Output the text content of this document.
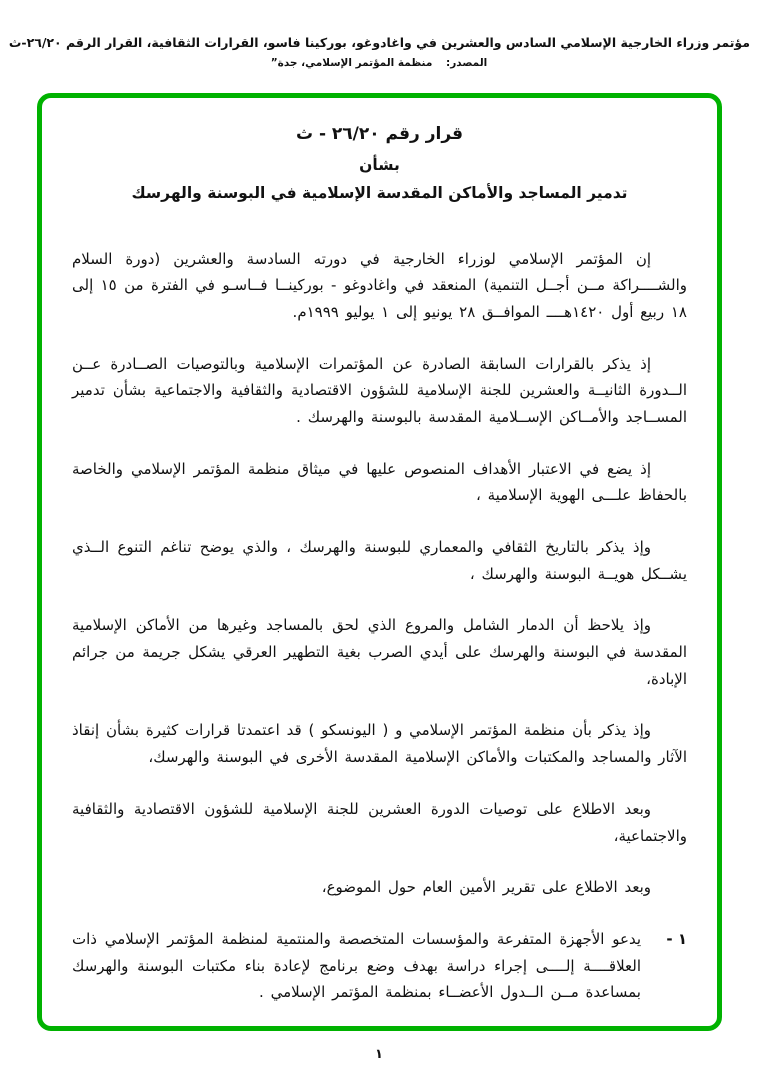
مؤتمر وزراء الخارجية الإسلامي السادس والعشرين في واغادوغو، بوركينا فاسو، القرارات الثقافية، القرار الرقم ٢٦/٢٠-ث
المصدر: منظمة المؤتمر الإسلامي، جدة”
قرار رقم ٢٦/٢٠ - ث
بشأن
تدمير المساجد والأماكن المقدسة الإسلامية في البوسنة والهرسك

إن المؤتمر الإسلامي لوزراء الخارجية في دورته السادسة والعشرين (دورة السلام والشــــراكة مــن أجــل التنمية) المنعقد في واغادوغو - بوركينــا فــاسـو في الفترة من ١٥ إلى ١٨ ربيع أول ١٤٢٠هــــ الموافــق ٢٨ يونيو إلى ١ يوليو ١٩٩٩م.

إذ يذكر بالقرارات السابقة الصادرة عن المؤتمرات الإسلامية وبالتوصيات الصــادرة عــن الــدورة الثانيــة والعشرين للجنة الإسلامية للشؤون الاقتصادية والثقافية والاجتماعية بشأن تدمير المســاجد والأمــاكن الإســلامية المقدسة بالبوسنة والهرسك .

إذ يضع في الاعتبار الأهداف المنصوص عليها في ميثاق منظمة المؤتمر الإسلامي والخاصة بالحفاظ علـــى الهوية الإسلامية ،

وإذ يذكر بالتاريخ الثقافي والمعماري للبوسنة والهرسك ، والذي يوضح تناغم التنوع الــذي يشــكل هويــة البوسنة والهرسك ،

وإذ يلاحظ أن الدمار الشامل والمروع الذي لحق بالمساجد وغيرها من الأماكن الإسلامية المقدسة في البوسنة والهرسك على أيدي الصرب بغية التطهير العرقي يشكل جريمة من جرائم الإبادة،

وإذ يذكر بأن منظمة المؤتمر الإسلامي و ( اليونسكو ) قد اعتمدتا قرارات كثيرة بشأن إنقاذ الآثار والمساجد والمكتبات والأماكن الإسلامية المقدسة الأخرى في البوسنة والهرسك،

وبعد الاطلاع على توصيات الدورة العشرين للجنة الإسلامية للشؤون الاقتصادية والثقافية والاجتماعية،

وبعد الاطلاع على تقرير الأمين العام حول الموضوع،

١ -

يدعو الأجهزة المتفرعة والمؤسسات المتخصصة والمنتمية لمنظمة المؤتمر الإسلامي ذات العلاقــــة إلــــى إجراء دراسة بهدف وضع برنامج لإعادة بناء مكتبات البوسنة والهرسك بمساعدة مــن الــدول الأعضــاء بمنظمة المؤتمر الإسلامي .

١
